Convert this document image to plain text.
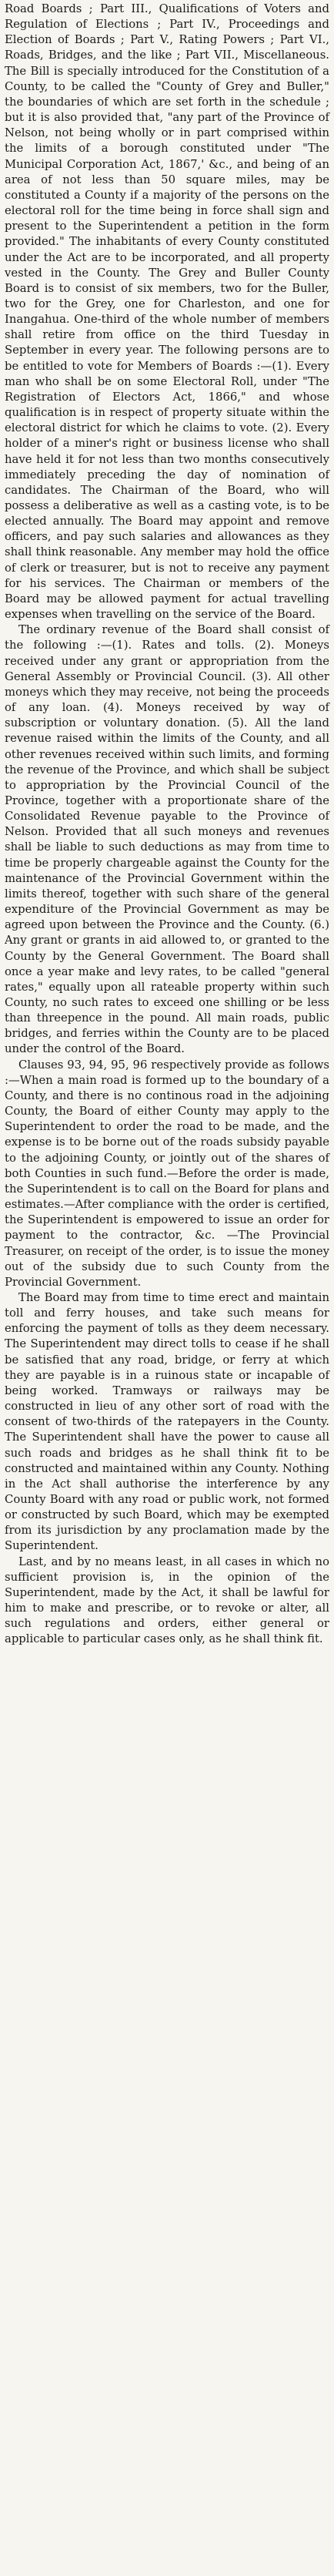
Road Boards ; Part III., Qualifications of Voters and Regulation of Elections ; Part IV., Proceedings and Election of Boards ; Part V., Rating Powers ; Part VI., Roads, Bridges, and the like ; Part VII., Miscellaneous. The Bill is specially introduced for the Constitution of a County, to be called the "County of Grey and Buller," the boundaries of which are set forth in the schedule ; but it is also provided that, "any part of the Province of Nelson, not being wholly or in part comprised within the limits of a borough constituted under "The Municipal Corporation Act, 1867,' &c., and being of an area of not less than 50 square miles, may be constituted a County if a majority of the persons on the electoral roll for the time being in force shall sign and present to the Superintendent a petition in the form provided." The inhabitants of every County constituted under the Act are to be incorporated, and all property vested in the County. The Grey and Buller County Board is to consist of six members, two for the Buller, two for the Grey, one for Charleston, and one for Inangahua. One-third of the whole number of members shall retire from office on the third Tuesday in September in every year. The following persons are to be entitled to vote for Members of Boards :—(1). Every man who shall be on some Electoral Roll, under "The Registration of Electors Act, 1866," and whose qualification is in respect of property situate within the electoral district for which he claims to vote. (2). Every holder of a miner's right or business license who shall have held it for not less than two months consecutively immediately preceding the day of nomination of candidates. The Chairman of the Board, who will possess a deliberative as well as a casting vote, is to be elected annually. The Board may appoint and remove officers, and pay such salaries and allowances as they shall think reasonable. Any member may hold the office of clerk or treasurer, but is not to receive any payment for his services. The Chairman or members of the Board may be allowed payment for actual travelling expenses when travelling on the service of the Board.

The ordinary revenue of the Board shall consist of the following :—(1). Rates and tolls. (2). Moneys received under any grant or appropriation from the General Assembly or Provincial Council. (3). All other moneys which they may receive, not being the proceeds of any loan. (4). Moneys received by way of subscription or voluntary donation. (5). All the land revenue raised within the limits of the County, and all other revenues received within such limits, and forming the revenue of the Province, and which shall be subject to appropriation by the Provincial Council of the Province, together with a proportionate share of the Consolidated Revenue payable to the Province of Nelson. Provided that all such moneys and revenues shall be liable to such deductions as may from time to time be properly chargeable against the County for the maintenance of the Provincial Government within the limits thereof, together with such share of the general expenditure of the Provincial Government as may be agreed upon between the Province and the County. (6.) Any grant or grants in aid allowed to, or granted to the County by the General Government. The Board shall once a year make and levy rates, to be called "general rates," equally upon all rateable property within such County, no such rates to exceed one shilling or be less than threepence in the pound. All main roads, public bridges, and ferries within the County are to be placed under the control of the Board.

Clauses 93, 94, 95, 96 respectively provide as follows :—When a main road is formed up to the boundary of a County, and there is no continous road in the adjoining County, the Board of either County may apply to the Superintendent to order the road to be made, and the expense is to be borne out of the roads subsidy payable to the adjoining County, or jointly out of the shares of both Counties in such fund.—Before the order is made, the Superintendent is to call on the Board for plans and estimates.—After compliance with the order is certified, the Superintendent is empowered to issue an order for payment to the contractor, &c. —The Provincial Treasurer, on receipt of the order, is to issue the money out of the subsidy due to such County from the Provincial Government.

The Board may from time to time erect and maintain toll and ferry houses, and take such means for enforcing the payment of tolls as they deem necessary. The Superintendent may direct tolls to cease if he shall be satisfied that any road, bridge, or ferry at which they are payable is in a ruinous state or incapable of being worked. Tramways or railways may be constructed in lieu of any other sort of road with the consent of two-thirds of the ratepayers in the County. The Superintendent shall have the power to cause all such roads and bridges as he shall think fit to be constructed and maintained within any County. Nothing in the Act shall authorise the interference by any County Board with any road or public work, not formed or constructed by such Board, which may be exempted from its jurisdiction by any proclamation made by the Superintendent.

Last, and by no means least, in all cases in which no sufficient provision is, in the opinion of the Superintendent, made by the Act, it shall be lawful for him to make and prescribe, or to revoke or alter, all such regulations and orders, either general or applicable to particular cases only, as he shall think fit.
